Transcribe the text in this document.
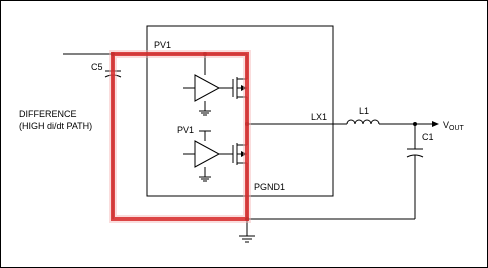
PV1
PV1
C5
DIFFERENCE
(HIGH di/dt PATH)
LX1
L1
C1
$V_{OUT}$
PGND1
